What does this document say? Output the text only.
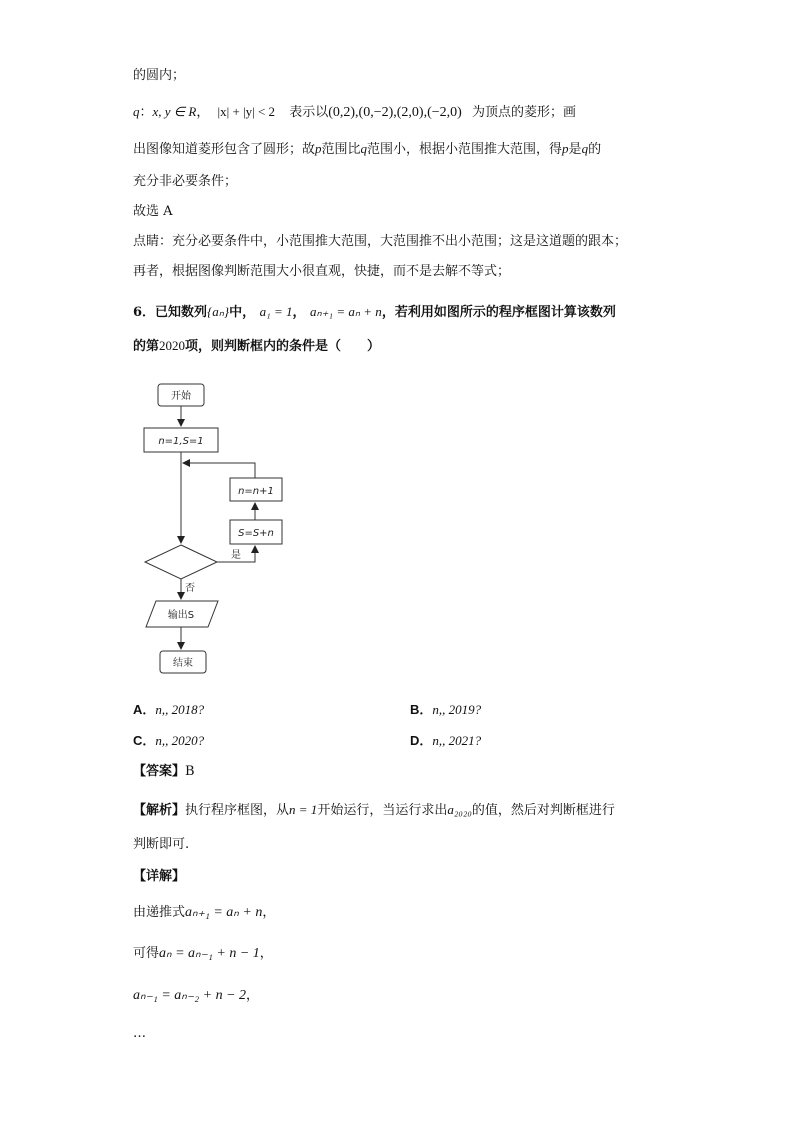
的圆内；
q：x, y ∈ R， |x| + |y| < 2 表示以(0,2),(0,−2),(2,0),(−2,0) 为顶点的菱形；画
出图像知道菱形包含了圆形；故p范围比q范围小，根据小范围推大范围，得p是q的
充分非必要条件；
故选 A
点睛：充分必要条件中，小范围推大范围，大范围推不出小范围；这是这道题的跟本；
再者，根据图像判断范围大小很直观，快捷，而不是去解不等式；
6．已知数列{aₙ}中， a₁ = 1， aₙ₊₁ = aₙ + n，若利用如图所示的程序框图计算该数列
的第2020项，则判断框内的条件是（　　）
开始
n=1,S=1
n=n+1
S=S+n
是
否
输出S
结束
A．n,, 2018?	B．n,, 2019?
C．n,, 2020?	D．n,, 2021?
【答案】B
【解析】执行程序框图，从n = 1开始运行，当运行求出a₂₀₂₀的值，然后对判断框进行
判断即可.
【详解】
由递推式aₙ₊₁ = aₙ + n，
可得aₙ = aₙ₋₁ + n − 1，
aₙ₋₁ = aₙ₋₂ + n − 2，
…
